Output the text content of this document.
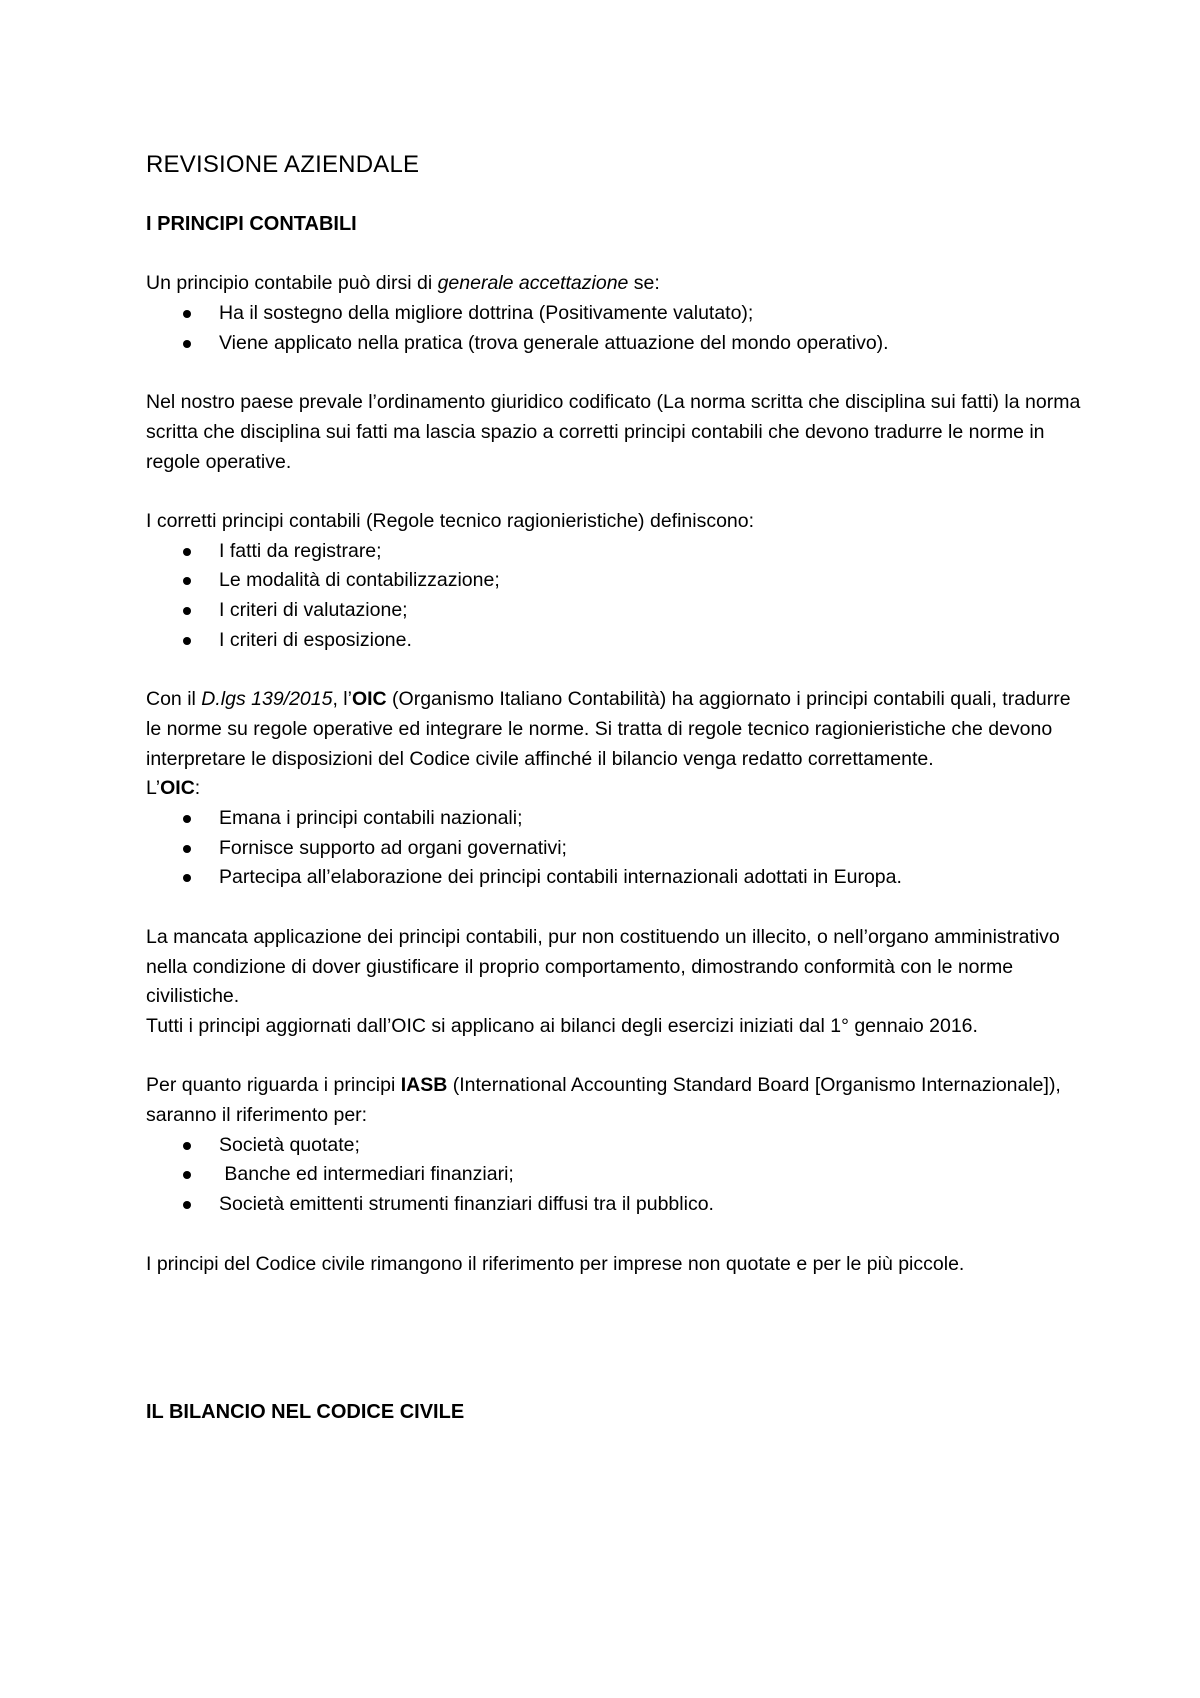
REVISIONE AZIENDALE
I PRINCIPI CONTABILI

Un principio contabile può dirsi di generale accettazione se:

Ha il sostegno della migliore dottrina (Positivamente valutato);
Viene applicato nella pratica (trova generale attuazione del mondo operativo).

Nel nostro paese prevale l’ordinamento giuridico codificato (La norma scritta che disciplina sui fatti) la norma scritta che disciplina sui fatti ma lascia spazio a corretti principi contabili che devono tradurre le norme in regole operative.

I corretti principi contabili (Regole tecnico ragionieristiche) definiscono:

I fatti da registrare;
Le modalità di contabilizzazione;
I criteri di valutazione;
I criteri di esposizione.

Con il D.lgs 139/2015, l’OIC (Organismo Italiano Contabilità) ha aggiornato i principi contabili quali, tradurre le norme su regole operative ed integrare le norme. Si tratta di regole tecnico ragionieristiche che devono interpretare le disposizioni del Codice civile affinché il bilancio venga redatto correttamente.

L’OIC:

Emana i principi contabili nazionali;
Fornisce supporto ad organi governativi;
Partecipa all’elaborazione dei principi contabili internazionali adottati in Europa.

La mancata applicazione dei principi contabili, pur non costituendo un illecito, o nell’organo amministrativo nella condizione di dover giustificare il proprio comportamento, dimostrando conformità con le norme civilistiche.

Tutti i principi aggiornati dall’OIC si applicano ai bilanci degli esercizi iniziati dal 1° gennaio 2016.

Per quanto riguarda i principi IASB (International Accounting Standard Board [Organismo Internazionale]), saranno il riferimento per:

Società quotate;
Banche ed intermediari finanziari;
Società emittenti strumenti finanziari diffusi tra il pubblico.

I principi del Codice civile rimangono il riferimento per imprese non quotate e per le più piccole.

IL BILANCIO NEL CODICE CIVILE
